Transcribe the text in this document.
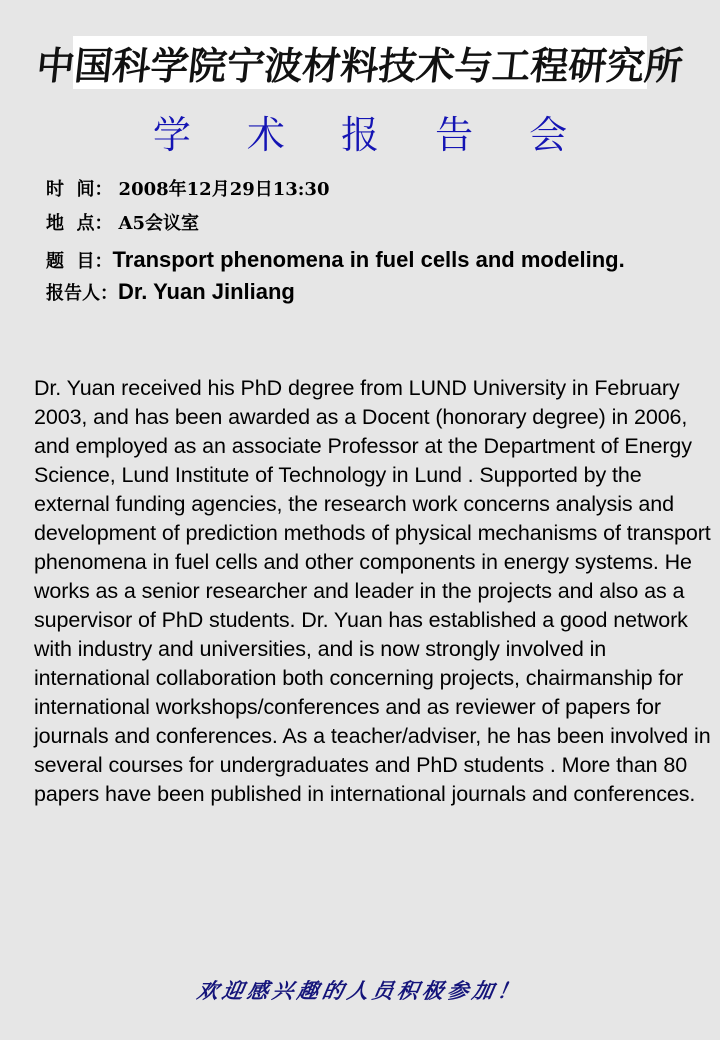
中国科学院宁波材料技术与工程研究所
学 术 报 告 会
时  间： 2008年12月29日13:30
地  点： A5会议室
题  目：Transport phenomena in fuel cells and modeling.
报告人： Dr. Yuan Jinliang
Dr. Yuan received his PhD degree from LUND University in February 2003, and has been awarded as a Docent (honorary degree) in 2006, and employed as an associate Professor at the Department of Energy Science, Lund Institute of Technology in Lund . Supported by the external funding agencies, the research work concerns analysis and development of prediction methods of physical mechanisms of transport phenomena in fuel cells and other components in energy systems. He works as a senior researcher and leader in the projects and also as a supervisor of PhD students. Dr. Yuan has established a good network with industry and universities, and is now strongly involved in international collaboration both concerning projects, chairmanship for international workshops/conferences and as reviewer of papers for journals and conferences. As a teacher/adviser, he has been involved in several courses for undergraduates and PhD students . More than 80 papers have been published in international journals and conferences.
欢迎感兴趣的人员积极参加！
